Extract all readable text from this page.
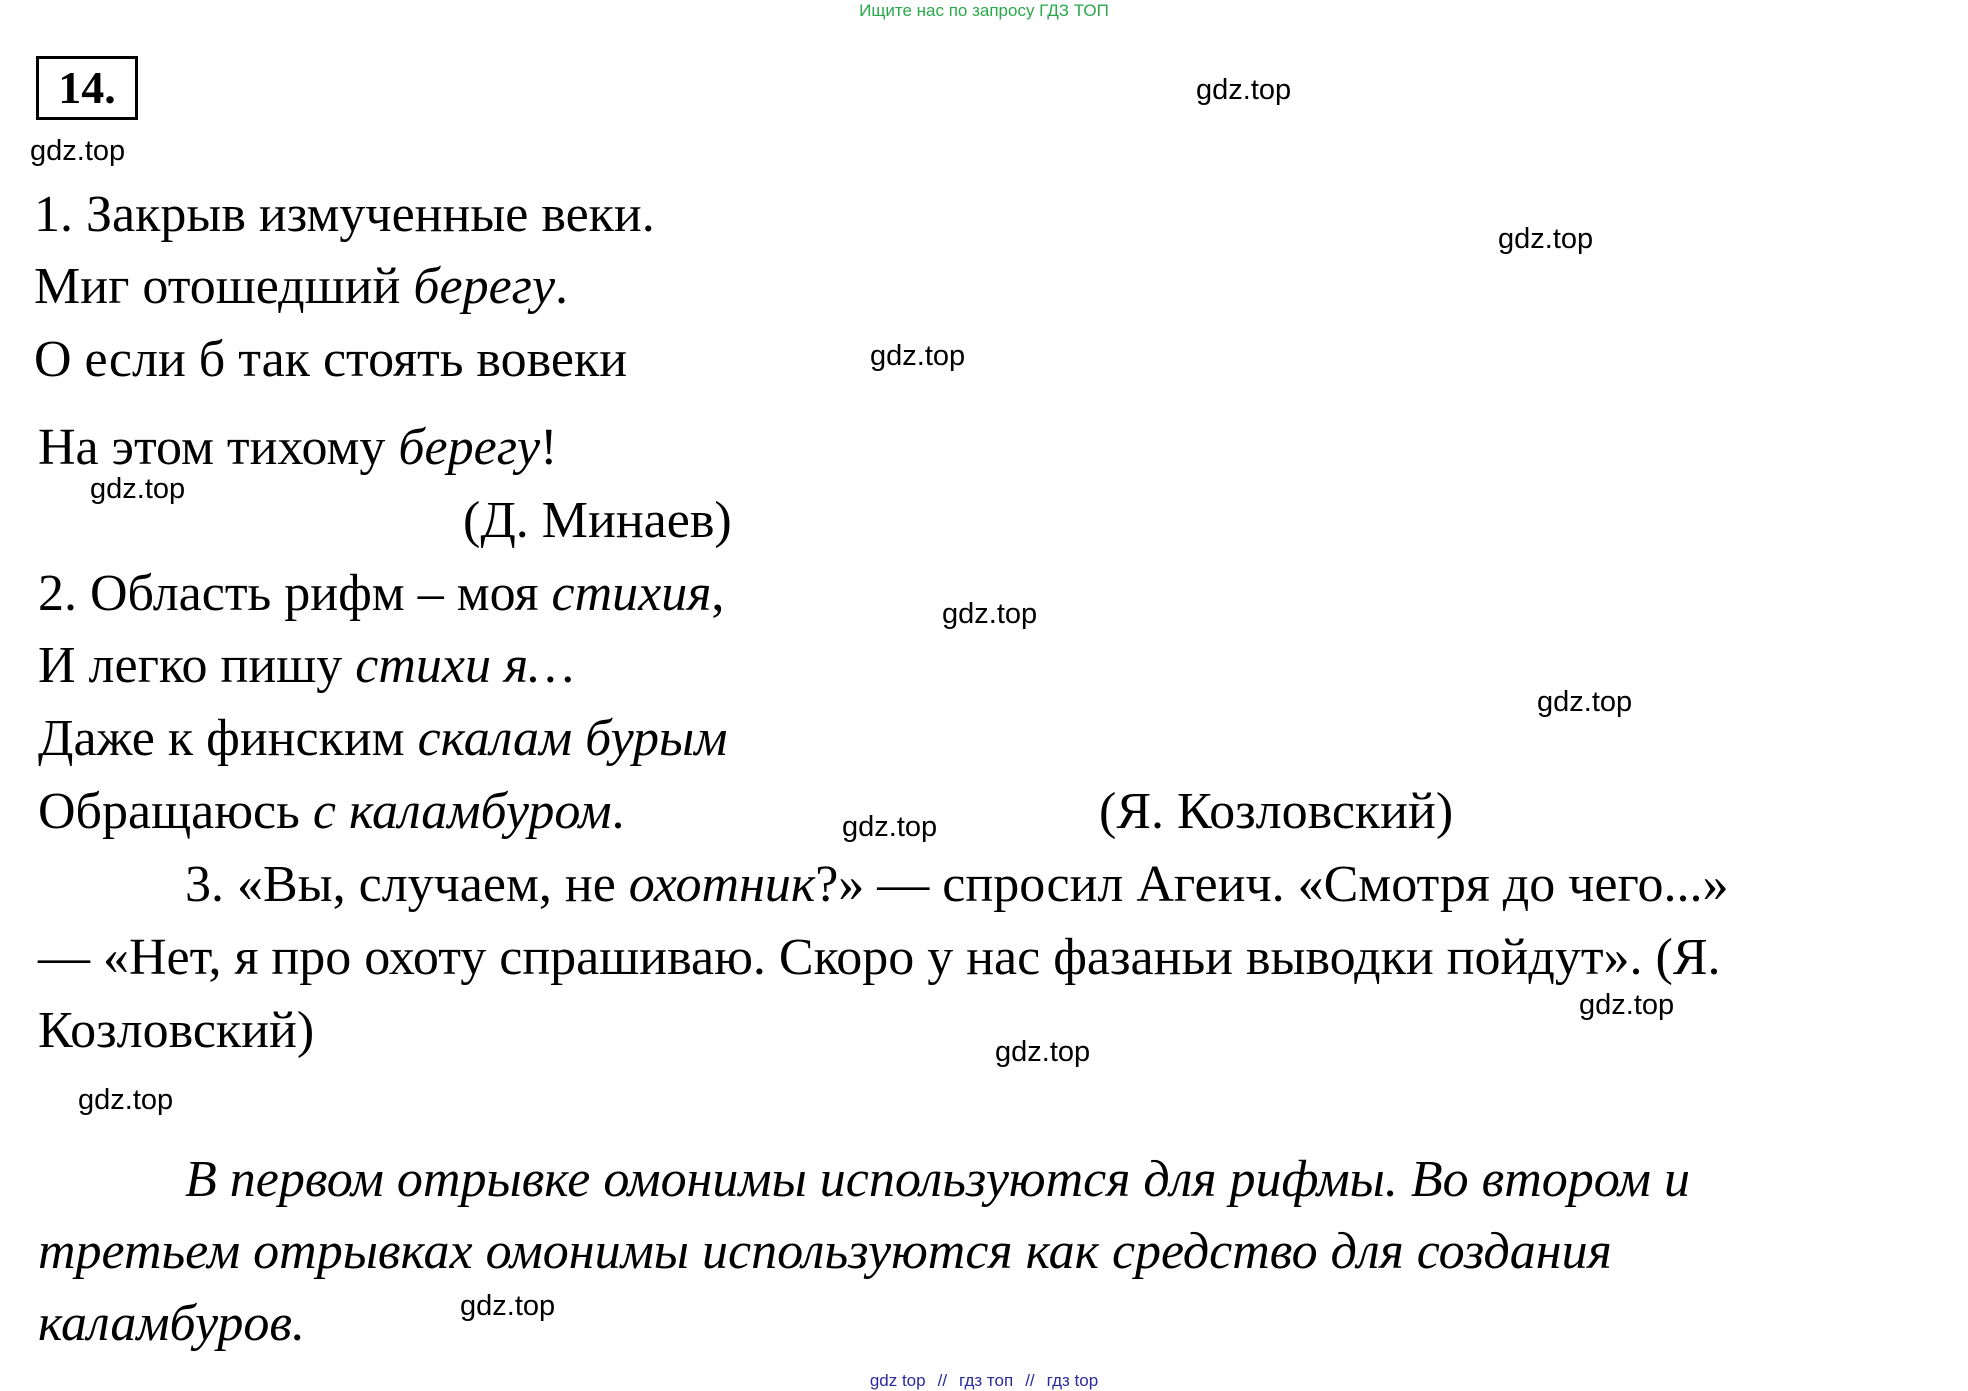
Ищите нас по запросу ГДЗ ТОП
14.	gdz.top
gdz.top
gdz.top
gdz.top
gdz.top
gdz.top
gdz.top
gdz.top
gdz.top
gdz.top
gdz.top
gdz.top
1. Закрыв измученные веки.
Миг отошедший берегу.
О если б так стоять вовеки
На этом тихому берегу!
(Д. Минаев)
2. Область рифм – моя стихия,
И легко пишу стихи я…
Даже к финским скалам бурым
Обращаюсь с каламбуром.	(Я. Козловский)
3. «Вы, случаем, не охотник?» — спросил Агеич. «Смотря до чего...»
— «Нет, я про охоту спрашиваю. Скоро у нас фазаньи выводки пойдут». (Я.
Козловский)
В первом отрывке омонимы используются для рифмы. Во втором и
третьем отрывках омонимы используются как средство для создания
каламбуров.
gdz top // гдз топ // гдз top
